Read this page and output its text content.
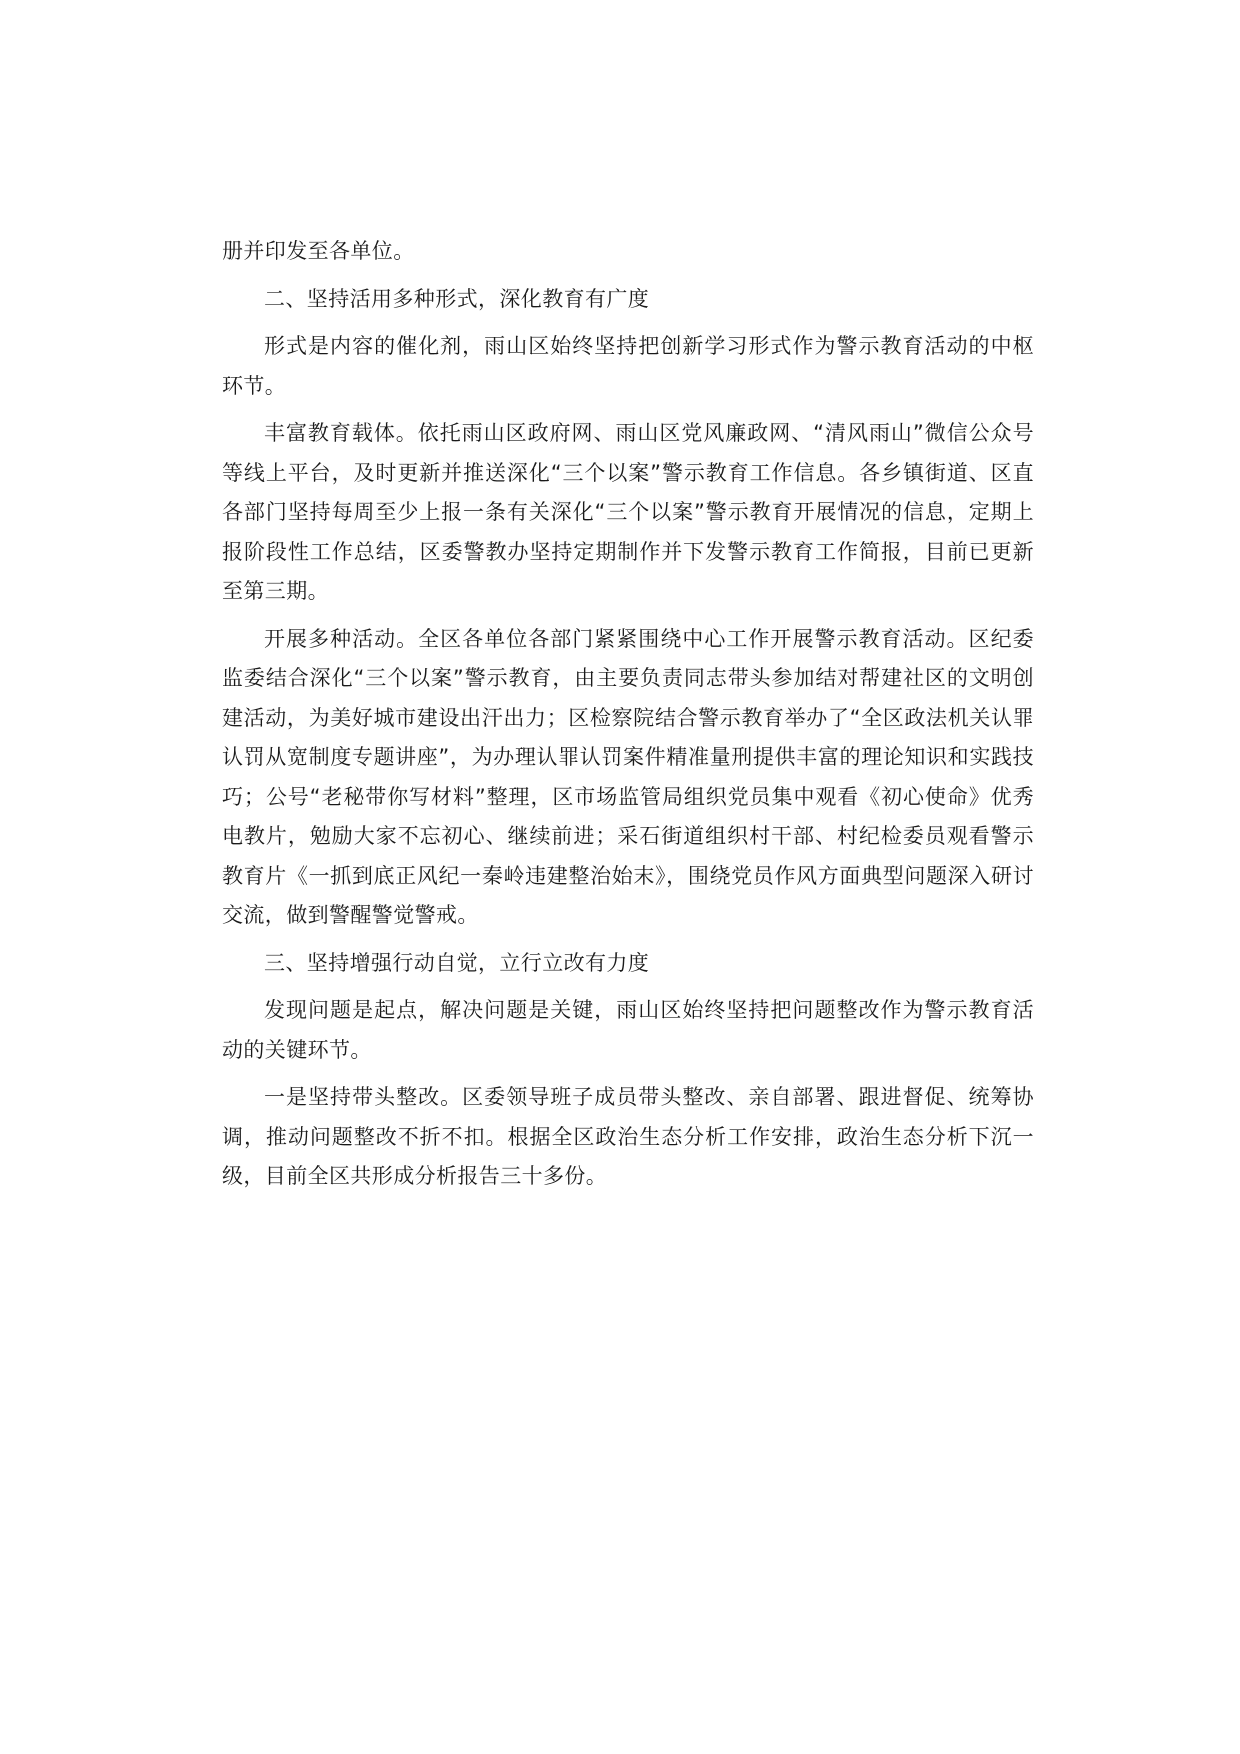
册并印发至各单位。

二、坚持活用多种形式，深化教育有广度

形式是内容的催化剂，雨山区始终坚持把创新学习形式作为警示教育活动的中枢环节。

丰富教育载体。依托雨山区政府网、雨山区党风廉政网、“清风雨山”微信公众号等线上平台，及时更新并推送深化“三个以案”警示教育工作信息。各乡镇街道、区直各部门坚持每周至少上报一条有关深化“三个以案”警示教育开展情况的信息，定期上报阶段性工作总结，区委警教办坚持定期制作并下发警示教育工作简报，目前已更新至第三期。

开展多种活动。全区各单位各部门紧紧围绕中心工作开展警示教育活动。区纪委监委结合深化“三个以案”警示教育，由主要负责同志带头参加结对帮建社区的文明创建活动，为美好城市建设出汗出力；区检察院结合警示教育举办了“全区政法机关认罪认罚从宽制度专题讲座”，为办理认罪认罚案件精准量刑提供丰富的理论知识和实践技巧；公号“老秘带你写材料”整理，区市场监管局组织党员集中观看《初心使命》优秀电教片，勉励大家不忘初心、继续前进；采石街道组织村干部、村纪检委员观看警示教育片《一抓到底正风纪一秦岭违建整治始末》，围绕党员作风方面典型问题深入研讨交流，做到警醒警觉警戒。

三、坚持增强行动自觉，立行立改有力度

发现问题是起点，解决问题是关键，雨山区始终坚持把问题整改作为警示教育活动的关键环节。

一是坚持带头整改。区委领导班子成员带头整改、亲自部署、跟进督促、统筹协调，推动问题整改不折不扣。根据全区政治生态分析工作安排，政治生态分析下沉一级，目前全区共形成分析报告三十多份。
